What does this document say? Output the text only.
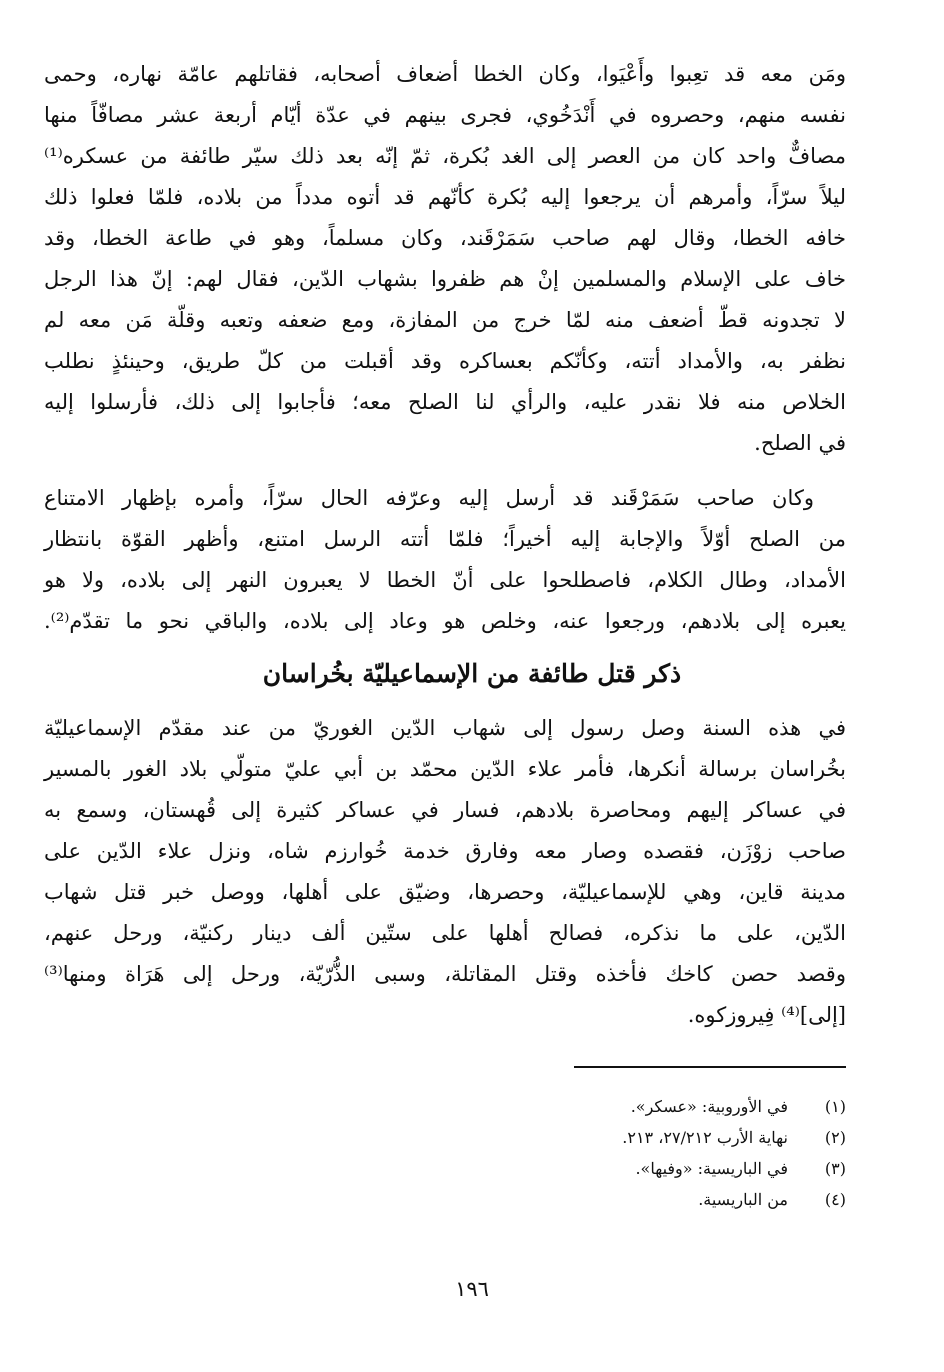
ومَن معه قد تعِبوا وأَعْيَوا، وكان الخطا أضعاف أصحابه، فقاتلهم عامّة نهاره، وحمى
نفسه منهم، وحصروه في أَنْدَخُوي، فجرى بينهم في عدّة أيّام أربعة عشر مصافّاً منها
مصافٌّ واحد كان من العصر إلى الغد بُكرة، ثمّ إنّه بعد ذلك سيّر طائفة من عسكره⁽¹⁾
ليلاً سرّاً، وأمرهم أن يرجعوا إليه بُكرة كأنّهم قد أتوه مدداً من بلاده، فلمّا فعلوا ذلك
خافه الخطا، وقال لهم صاحب سَمَرْقَند، وكان مسلماً، وهو في طاعة الخطا، وقد
خاف على الإسلام والمسلمين إنْ هم ظفروا بشهاب الدّين، فقال لهم: إنّ هذا الرجل
لا تجدونه قطّ أضعف منه لمّا خرج من المفازة، ومع ضعفه وتعبه وقلّة مَن معه لم
نظفر به، والأمداد أتته، وكأنّكم بعساكره وقد أقبلت من كلّ طريق، وحينئذٍ نطلب
الخلاص منه فلا نقدر عليه، والرأي لنا الصلح معه؛ فأجابوا إلى ذلك، فأرسلوا إليه
في الصلح.
وكان صاحب سَمَرْقَند قد أرسل إليه وعرّفه الحال سرّاً، وأمره بإظهار الامتناع
من الصلح أوّلاً والإجابة إليه أخيراً؛ فلمّا أتته الرسل امتنع، وأظهر القوّة بانتظار
الأمداد، وطال الكلام، فاصطلحوا على أنّ الخطا لا يعبرون النهر إلى بلاده، ولا هو
يعبره إلى بلادهم، ورجعوا عنه، وخلص هو وعاد إلى بلاده، والباقي نحو ما تقدّم⁽²⁾.
ذكر قتل طائفة من الإسماعيليّة بخُراسان
في هذه السنة وصل رسول إلى شهاب الدّين الغوريّ من عند مقدّم الإسماعيليّة
بخُراسان برسالة أنكرها، فأمر علاء الدّين محمّد بن أبي عليّ متولّي بلاد الغور بالمسير
في عساكر إليهم ومحاصرة بلادهم، فسار في عساكر كثيرة إلى قُهستان، وسمع به
صاحب زوْزَن، فقصده وصار معه وفارق خدمة خُوارزم شاه، ونزل علاء الدّين على
مدينة قاين، وهي للإسماعيليّة، وحصرها، وضيّق على أهلها، ووصل خبر قتل شهاب
الدّين، على ما نذكره، فصالح أهلها على ستّين ألف دينار ركنيّة، ورحل عنهم،
وقصد حصن كاخك فأخذه وقتل المقاتلة، وسبى الذُّرّيّة، ورحل إلى هَرَاة ومنها⁽³⁾
[إلى]⁽⁴⁾ فِيروزكوه.
(١)في الأوروبية: «عسكر».
(٢)نهاية الأرب ٢٧/٢١٢، ٢١٣.
(٣)في الباريسية: «وفيها».
(٤)من الباريسية.
١٩٦
